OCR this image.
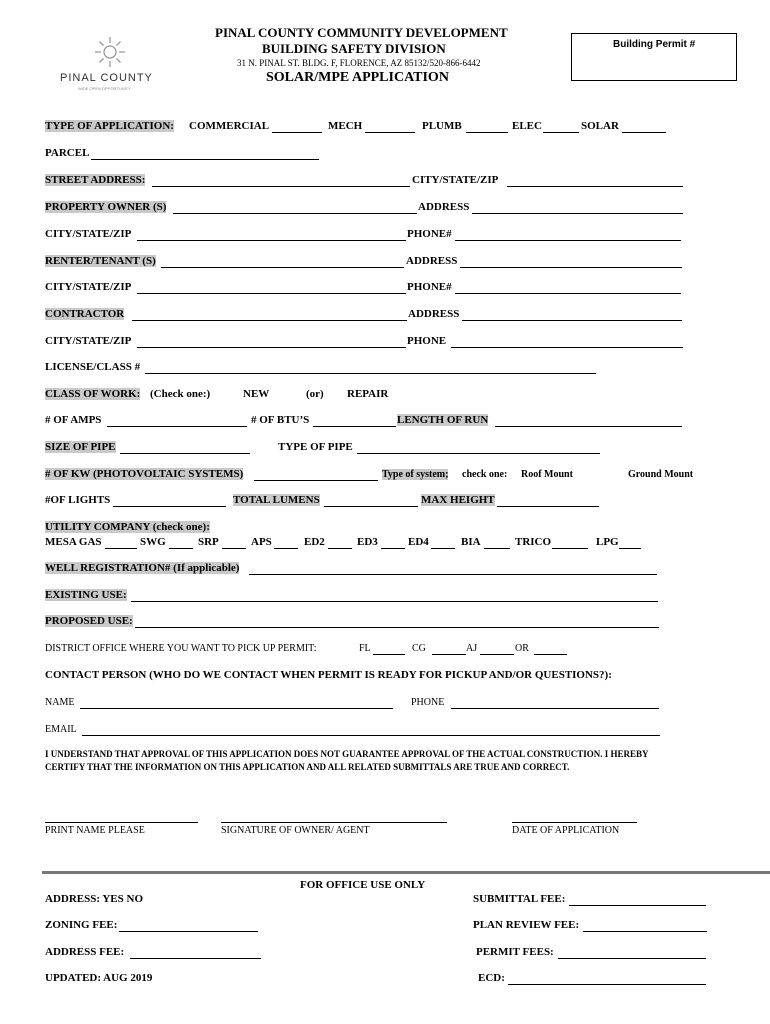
PINAL COUNTY
WIDE OPEN OPPORTUNITY
PINAL COUNTY COMMUNITY DEVELOPMENT
BUILDING SAFETY DIVISION
31 N. PINAL ST. BLDG. F, FLORENCE, AZ 85132/520-866-6442
SOLAR/MPE APPLICATION
Building Permit #
TYPE OF APPLICATION: COMMERCIAL	MECH	PLUMB	ELEC	SOLAR
PARCEL
STREET ADDRESS:	CITY/STATE/ZIP
PROPERTY OWNER (S)	ADDRESS
CITY/STATE/ZIP	PHONE#
RENTER/TENANT (S)	ADDRESS
CITY/STATE/ZIP	PHONE#
CONTRACTOR	ADDRESS
CITY/STATE/ZIP	PHONE
LICENSE/CLASS #
CLASS OF WORK: (Check one:)	NEW	(or) REPAIR
# OF AMPS	# OF BTU’S	LENGTH OF RUN
SIZE OF PIPE	TYPE OF PIPE
# OF KW (PHOTOVOLTAIC SYSTEMS)	Type of system; check one: Roof Mount	Ground Mount
#OF LIGHTS	TOTAL LUMENS	MAX HEIGHT
UTILITY COMPANY (check one):
MESA GAS	SWG	SRP	APS	ED2	ED3	ED4	BIA	TRICO	LPG
WELL REGISTRATION# (If applicable)
EXISTING USE:
PROPOSED USE:
DISTRICT OFFICE WHERE YOU WANT TO PICK UP PERMIT:	FL	CG	AJ	OR
CONTACT PERSON (WHO DO WE CONTACT WHEN PERMIT IS READY FOR PICKUP AND/OR QUESTIONS?):
NAME	PHONE
EMAIL
I UNDERSTAND THAT APPROVAL OF THIS APPLICATION DOES NOT GUARANTEE APPROVAL OF THE ACTUAL CONSTRUCTION. I HEREBY
CERTIFY THAT THE INFORMATION ON THIS APPLICATION AND ALL RELATED SUBMITTALS ARE TRUE AND CORRECT.
PRINT NAME PLEASE	SIGNATURE OF OWNER/ AGENT	DATE OF APPLICATION
FOR OFFICE USE ONLY
ADDRESS: YES NO	SUBMITTAL FEE:
ZONING FEE:	PLAN REVIEW FEE:
ADDRESS FEE:	PERMIT FEES:
UPDATED: AUG 2019	ECD:
